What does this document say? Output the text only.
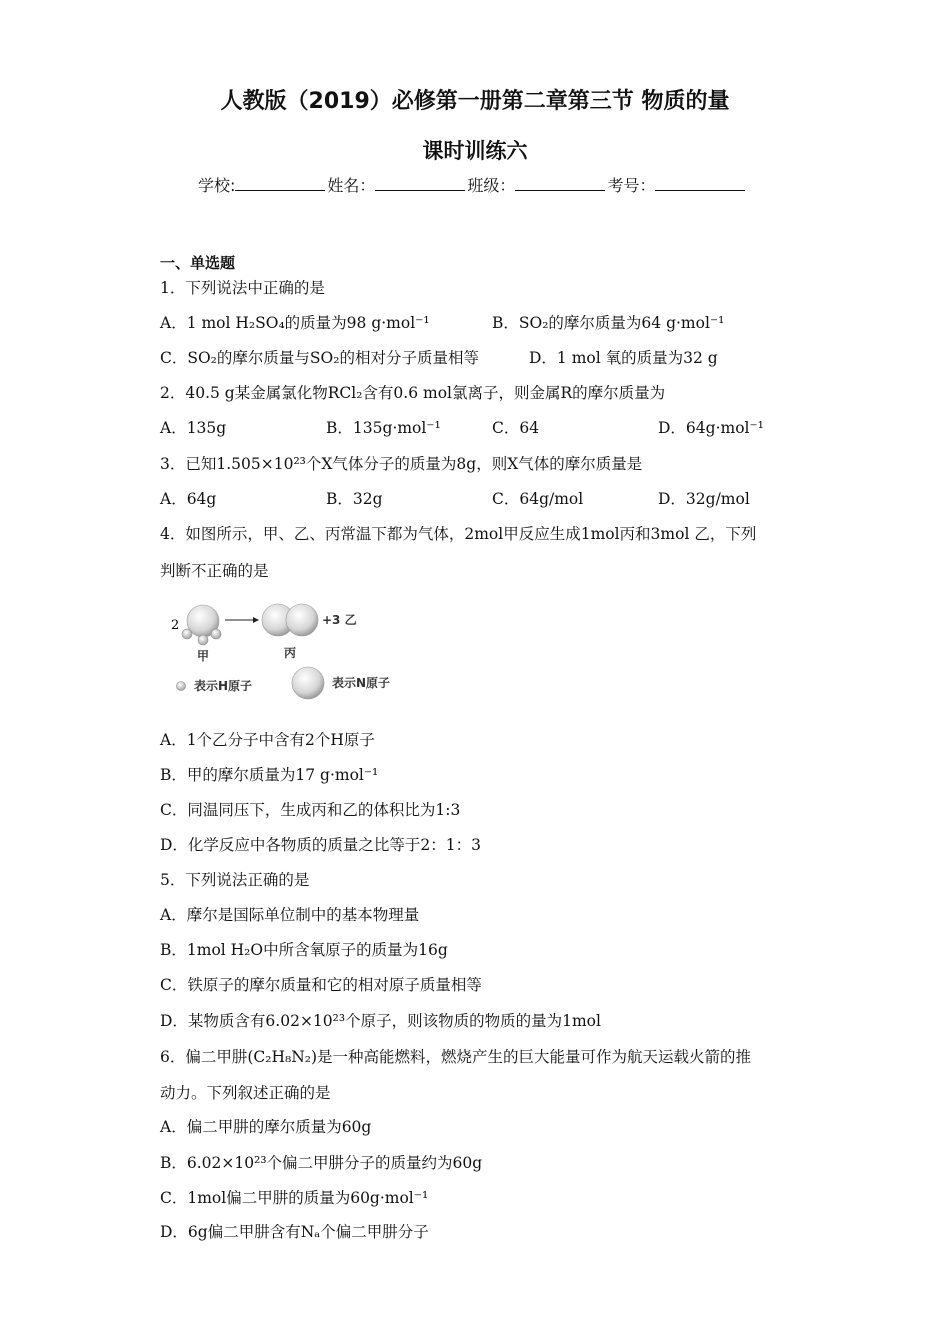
人教版（2019）必修第一册第二章第三节 物质的量
课时训练六
学校:	姓名：	班级：	考号：
一、单选题
1．下列说法中正确的是
A．1 mol H₂SO₄的质量为98 g·mol⁻¹	B．SO₂的摩尔质量为64 g·mol⁻¹
C．SO₂的摩尔质量与SO₂的相对分子质量相等	D．1 mol 氧的质量为32 g
2．40.5 g某金属氯化物RCl₂含有0.6 mol氯离子，则金属R的摩尔质量为
A．135g	B．135g·mol⁻¹	C．64	D．64g·mol⁻¹
3．已知1.505×10²³个X气体分子的质量为8g，则X气体的摩尔质量是
A．64g	B．32g	C．64g/mol	D．32g/mol
4．如图所示，甲、乙、丙常温下都为气体，2mol甲反应生成1mol丙和3mol 乙，下列
判断不正确的是
2	+3 乙
甲	丙
表示H原子	表示N原子
A．1个乙分子中含有2个H原子
B．甲的摩尔质量为17 g·mol⁻¹
C．同温同压下，生成丙和乙的体积比为1:3
D．化学反应中各物质的质量之比等于2：1：3
5．下列说法正确的是
A．摩尔是国际单位制中的基本物理量
B．1mol H₂O中所含氧原子的质量为16g
C．铁原子的摩尔质量和它的相对原子质量相等
D．某物质含有6.02×10²³个原子，则该物质的物质的量为1mol
6．偏二甲肼(C₂H₈N₂)是一种高能燃料，燃烧产生的巨大能量可作为航天运载火箭的推
动力。下列叙述正确的是
A．偏二甲肼的摩尔质量为60g
B．6.02×10²³个偏二甲肼分子的质量约为60g
C．1mol偏二甲肼的质量为60g·mol⁻¹
D．6g偏二甲肼含有Nₐ个偏二甲肼分子
